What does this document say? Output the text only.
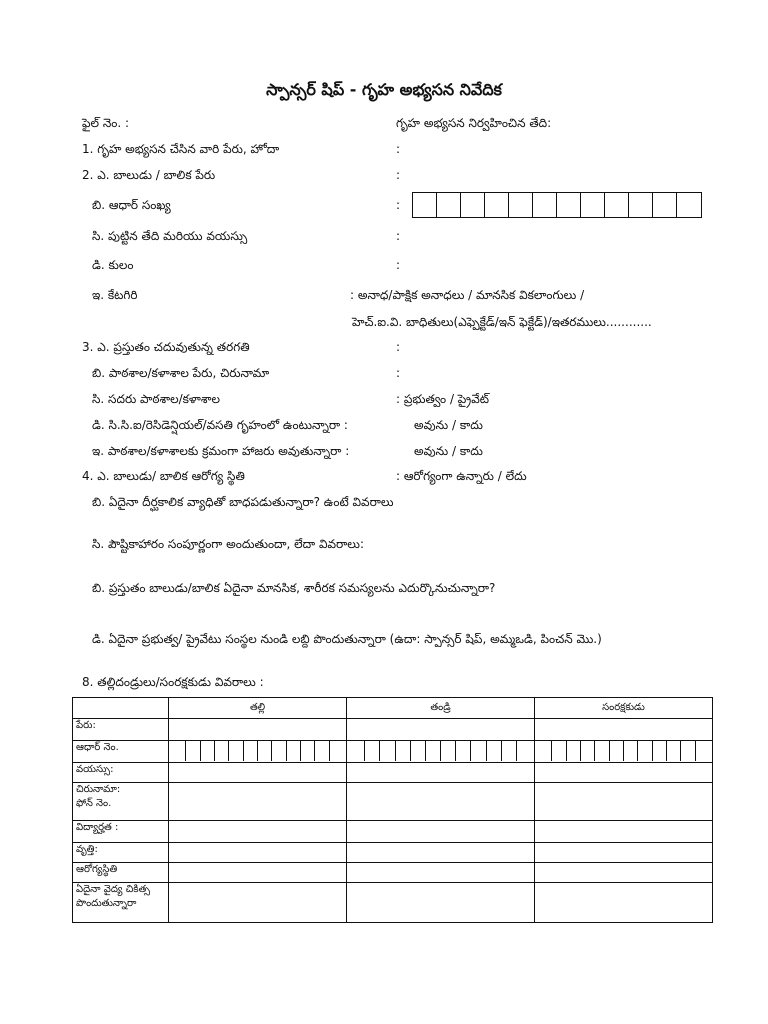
స్పాన్సర్ షిప్ - గృహ అభ్యసన నివేదిక
ఫైల్ నెం. :	గృహ అభ్యసన నిర్వహించిన తేది:
1. గృహ అభ్యసన చేసిన వారి పేరు, హోదా	:
2. ఎ. బాలుడు / బాలిక పేరు	:
బి. ఆధార్ సంఖ్య	:
సి. పుట్టిన తేది మరియు వయస్సు	:
డి. కులం	:
ఇ. కేటగిరి	: అనాధ/పాక్షిక అనాధలు / మానసిక వికలాంగులు /
హెచ్.ఐ.వి. బాధితులు(ఎఫ్పెక్టేడ్/ఇన్ ఫెక్టేడ్)/ఇతరములు............
3. ఎ. ప్రస్తుతం చదువుతున్న తరగతి	:
బి. పాఠశాల/కళాశాల పేరు, చిరునామా	:
సి. సదరు పాఠశాల/కళాశాల	: ప్రభుత్వం / ప్రైవేట్
డి. సి.సి.ఐ/రెసిడెన్షియల్/వసతి గృహంలో ఉంటున్నారా :	అవును / కాదు
ఇ. పాఠశాల/కళాశాలకు క్రమంగా హాజరు అవుతున్నారా :	అవును / కాదు
4. ఎ. బాలుడు/ బాలిక ఆరోగ్య స్థితి	: ఆరోగ్యంగా ఉన్నారు / లేదు
బి. ఏదైనా దీర్ఘకాలిక వ్యాధితో బాధపడుతున్నారా? ఉంటే వివరాలు
సి. పౌష్టికాహారం సంపూర్ణంగా అందుతుందా, లేదా వివరాలు:
బి. ప్రస్తుతం బాలుడు/బాలిక ఏదైనా మానసిక, శారీరక సమస్యలను ఎదుర్కొనుచున్నారా?
డి. ఏదైనా ప్రభుత్వ/ ప్రైవేటు సంస్థల నుండి లబ్ది పొందుతున్నారా (ఉదా: స్పాన్సర్ షిప్, అమ్మఒడి, పించన్ మొ.)
8. తల్లిదండ్రులు/సంరక్షకుడు వివరాలు :
	తల్లి	తండ్రి	సంరక్షకుడు
పేరు:			
ఆధార్ నెం.	

వయస్సు:			
చిరునామా:
ఫోన్ నెం.			
విద్యార్హత :			
వృత్తి:			
ఆరోగ్యస్థితి			
ఏదైనా వైద్య చికిత్స
పొందుతున్నారా			
